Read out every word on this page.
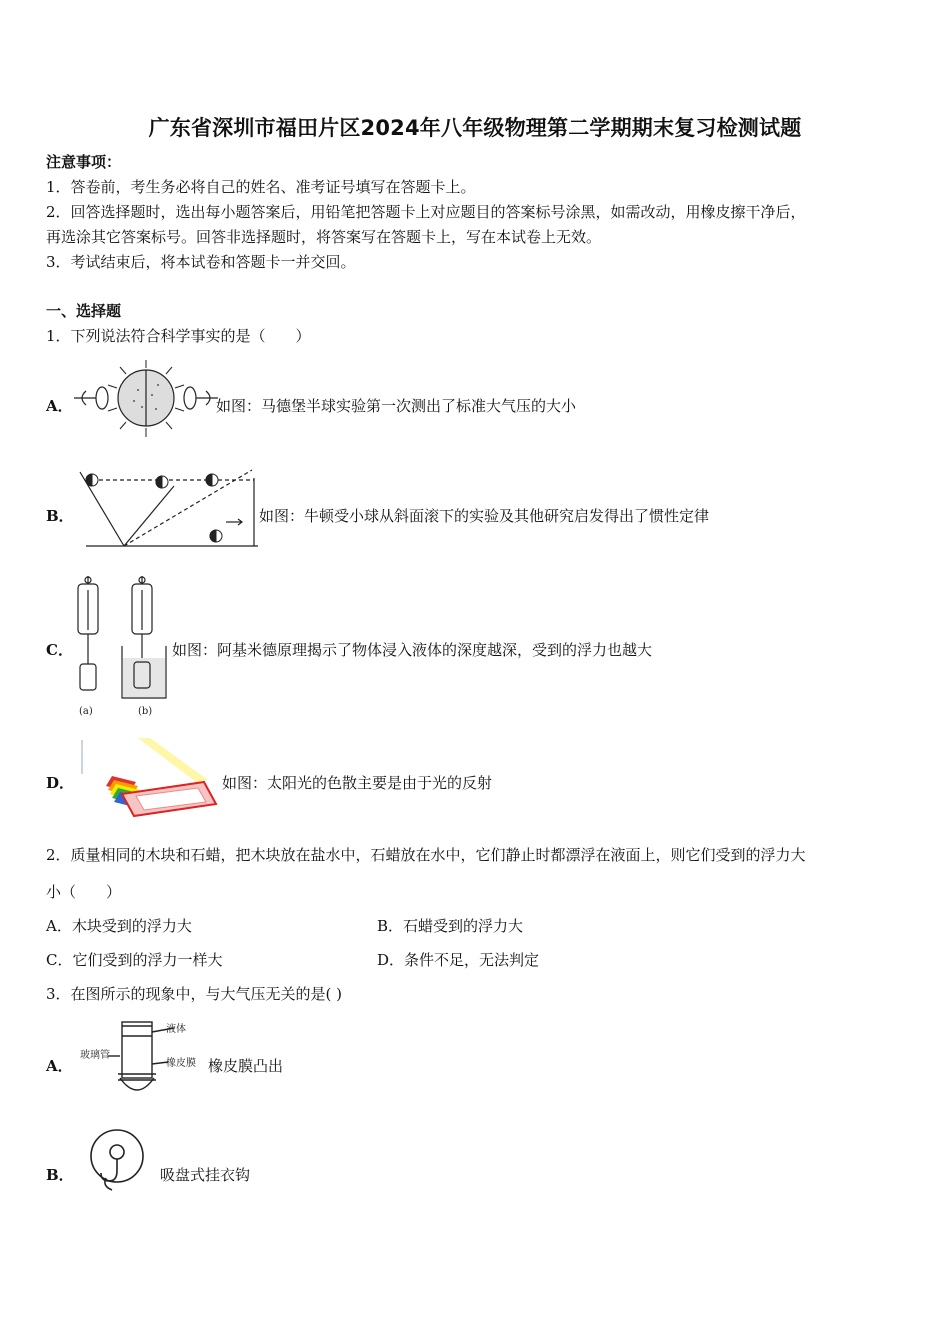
广东省深圳市福田片区2024年八年级物理第二学期期末复习检测试题
注意事项：
1．答卷前，考生务必将自己的姓名、准考证号填写在答题卡上。
2．回答选择题时，选出每小题答案后，用铅笔把答题卡上对应题目的答案标号涂黑，如需改动，用橡皮擦干净后，
再选涂其它答案标号。回答非选择题时，将答案写在答题卡上，写在本试卷上无效。
3．考试结束后，将本试卷和答题卡一并交回。
一、选择题
1．下列说法符合科学事实的是（　　）
A．	如图：马德堡半球实验第一次测出了标准大气压的大小
B．	如图：牛顿受小球从斜面滚下的实验及其他研究启发得出了惯性定律
C．
(a)	(b)
如图：阿基米德原理揭示了物体浸入液体的深度越深，受到的浮力也越大
D．	如图：太阳光的色散主要是由于光的反射
2．质量相同的木块和石蜡，把木块放在盐水中，石蜡放在水中，它们静止时都漂浮在液面上，则它们受到的浮力大
小（　　）
A．木块受到的浮力大	B．石蜡受到的浮力大
C．它们受到的浮力一样大	D．条件不足，无法判定
3．在图所示的现象中，与大气压无关的是( )
A．
液体
玻璃管
橡皮膜 橡皮膜凸出
B．	吸盘式挂衣钩
